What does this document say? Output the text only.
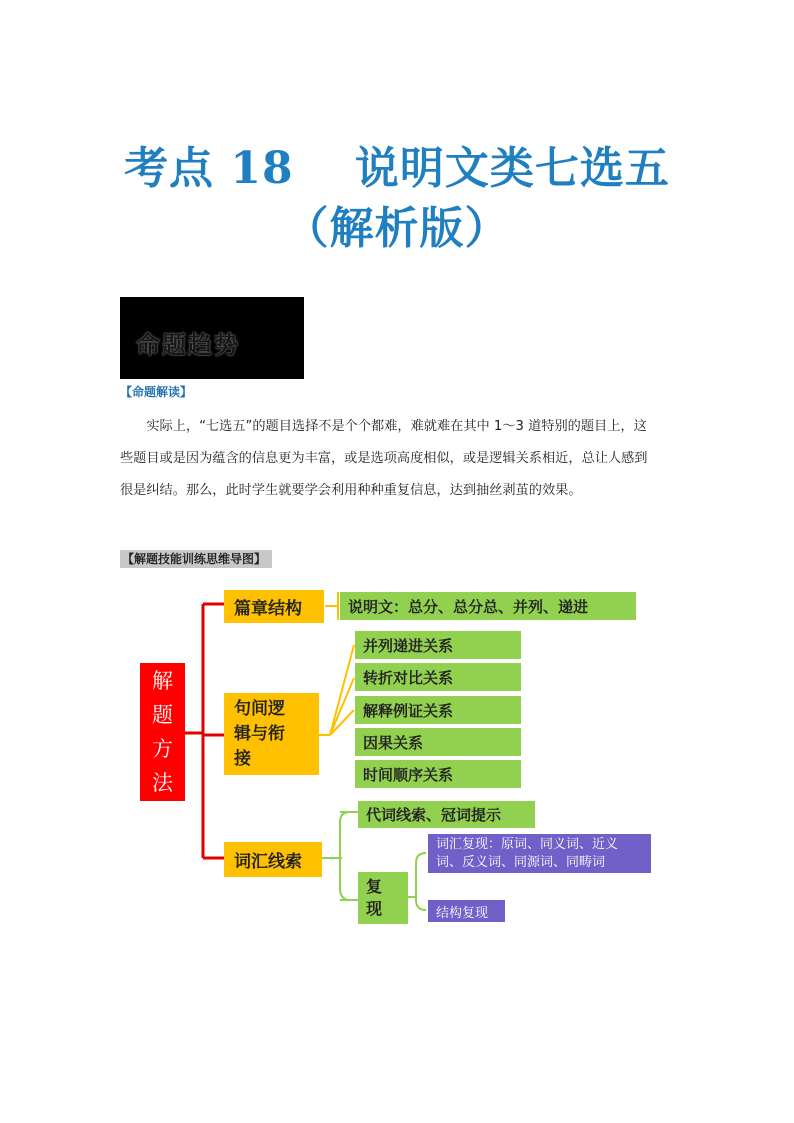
考点 18　 说明文类七选五
（解析版）
命题趋势
【命题解读】
　　实际上，“七选五”的题目选择不是个个都难，难就难在其中 1～3 道特别的题目上，这
些题目或是因为蕴含的信息更为丰富，或是选项高度相似，或是逻辑关系相近，总让人感到
很是纠结。那么，此时学生就要学会利用种种重复信息，达到抽丝剥茧的效果。
【解题技能训练思维导图】
解
题
方
法
篇章结构
句间逻
辑与衔
接
词汇线索
说明文：总分、总分总、并列、递进
并列递进关系
转折对比关系
解释例证关系
因果关系
时间顺序关系
代词线索、冠词提示
复
现
词汇复现：原词、同义词、近义
词、反义词、同源词、同畴词
结构复现
